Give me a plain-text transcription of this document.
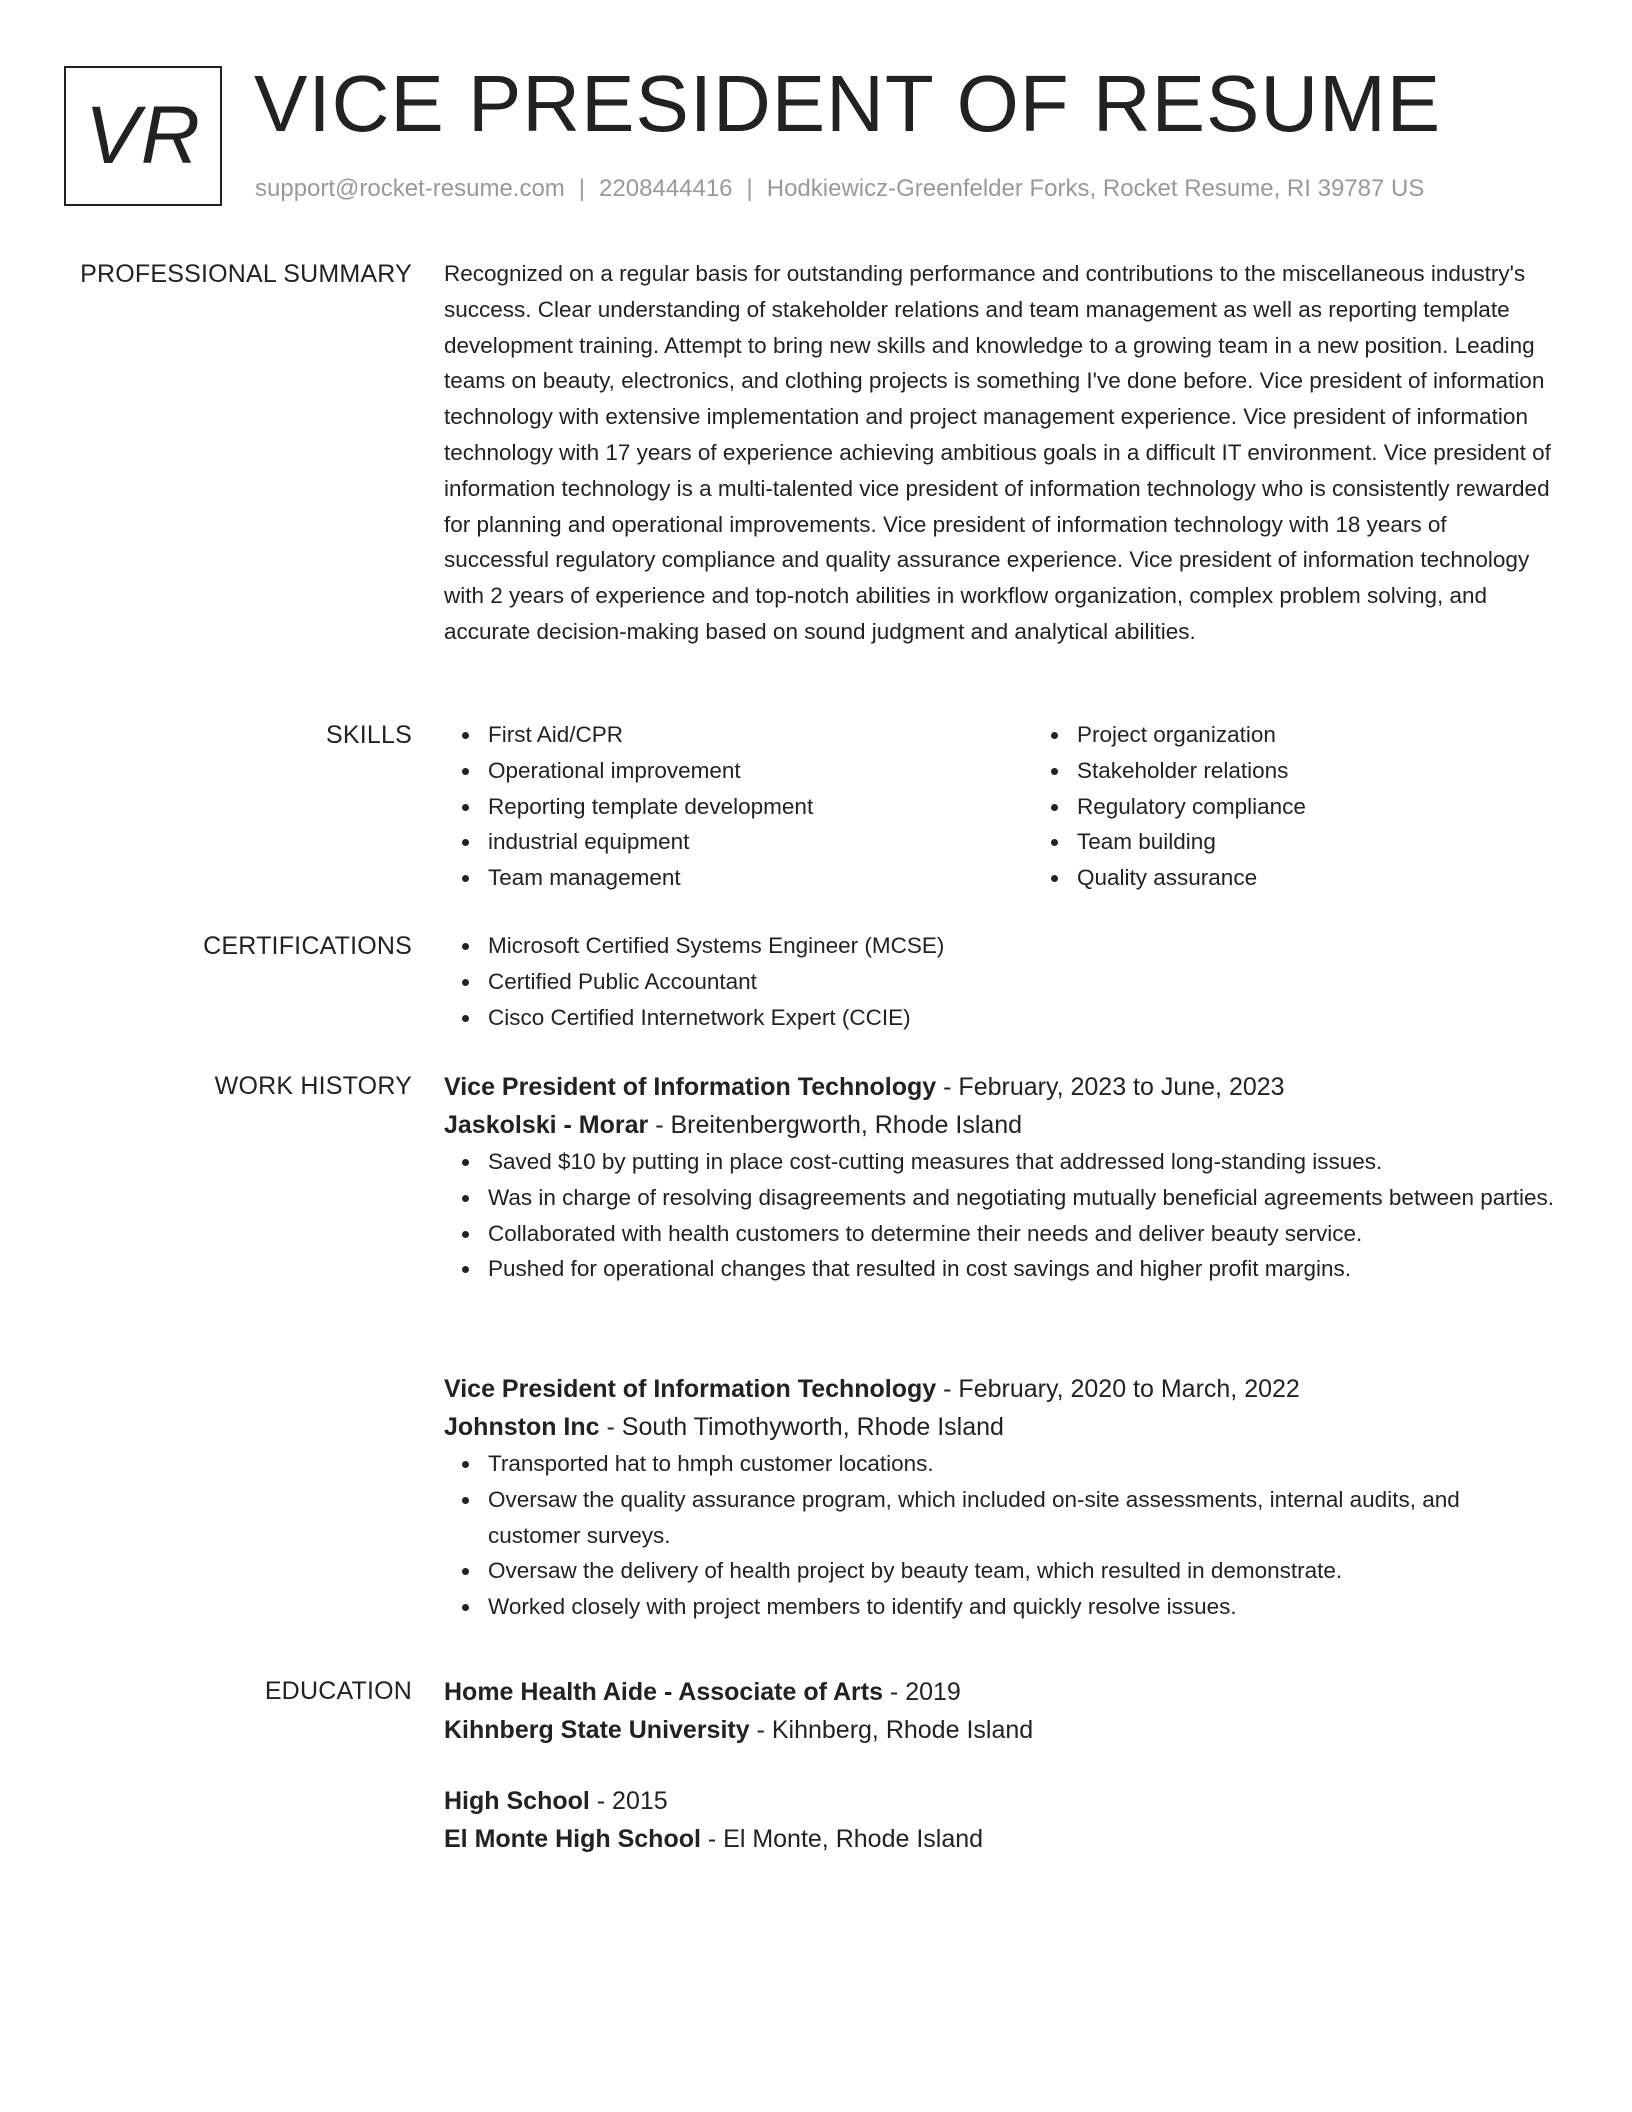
VR VICE PRESIDENT OF RESUME
support@rocket-resume.com | 2208444416 | Hodkiewicz-Greenfelder Forks, Rocket Resume, RI 39787 US
PROFESSIONAL SUMMARY Recognized on a regular basis for outstanding performance and contributions to the miscellaneous industry's success. Clear understanding of stakeholder relations and team management as well as reporting template development training. Attempt to bring new skills and knowledge to a growing team in a new position. Leading teams on beauty, electronics, and clothing projects is something I've done before. Vice president of information technology with extensive implementation and project management experience. Vice president of information technology with 17 years of experience achieving ambitious goals in a difficult IT environment. Vice president of information technology is a multi-talented vice president of information technology who is consistently rewarded for planning and operational improvements. Vice president of information technology with 18 years of successful regulatory compliance and quality assurance experience. Vice president of information technology with 2 years of experience and top-notch abilities in workflow organization, complex problem solving, and accurate decision-making based on sound judgment and analytical abilities.

SKILLS	First Aid/CPR
Operational improvement
Reporting template development
industrial equipment
Team management
Project organization
Stakeholder relations
Regulatory compliance
Team building
Quality assurance
CERTIFICATIONS	Microsoft Certified Systems Engineer (MCSE)
Certified Public Accountant
Cisco Certified Internetwork Expert (CCIE)
WORK HISTORY Vice President of Information Technology - February, 2023 to June, 2023
Jaskolski - Morar - Breitenbergworth, Rhode Island
Saved $10 by putting in place cost-cutting measures that addressed long-standing issues.
Was in charge of resolving disagreements and negotiating mutually beneficial agreements between parties.
Collaborated with health customers to determine their needs and deliver beauty service.
Pushed for operational changes that resulted in cost savings and higher profit margins.
Vice President of Information Technology - February, 2020 to March, 2022
Johnston Inc - South Timothyworth, Rhode Island
Transported hat to hmph customer locations.
Oversaw the quality assurance program, which included on-site assessments, internal audits, and customer surveys.
Oversaw the delivery of health project by beauty team, which resulted in demonstrate.
Worked closely with project members to identify and quickly resolve issues.
EDUCATION Home Health Aide - Associate of Arts - 2019
Kihnberg State University - Kihnberg, Rhode Island
High School - 2015
El Monte High School - El Monte, Rhode Island
